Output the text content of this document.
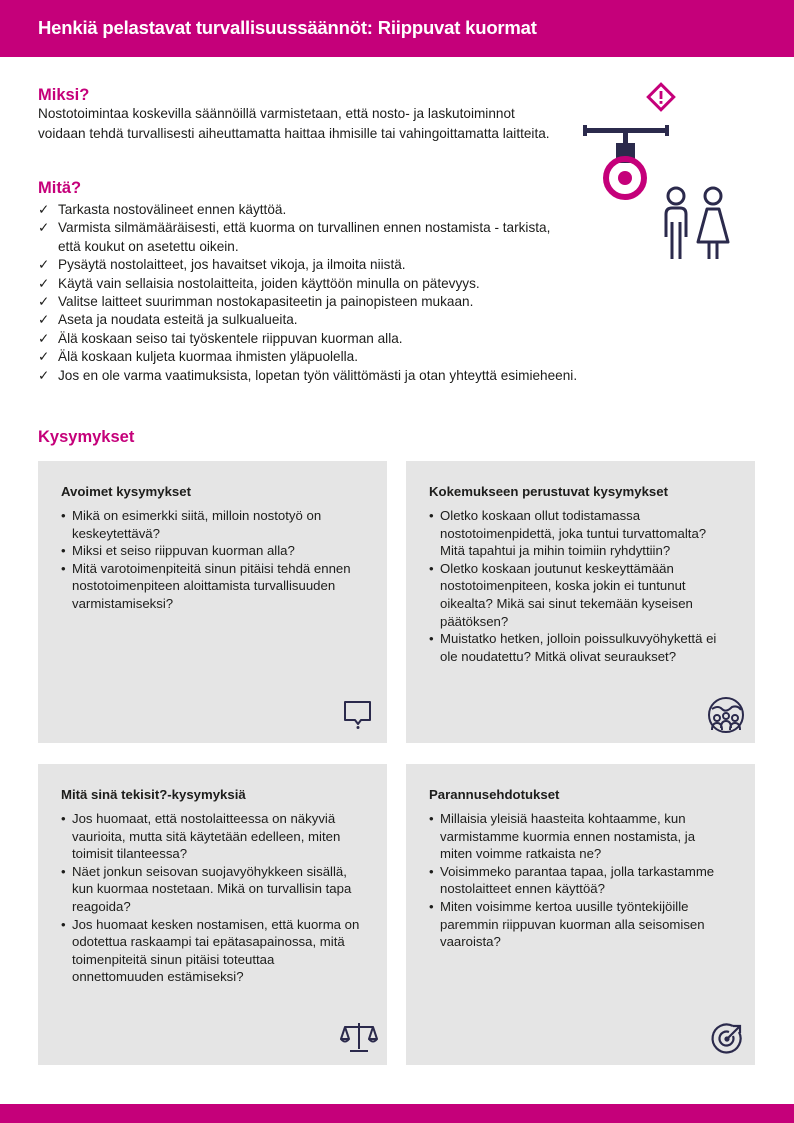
Henkiä pelastavat turvallisuussäännöt: Riippuvat kuormat
Miksi?
Nostotoimintaa koskevilla säännöillä varmistetaan, että nosto- ja laskutoiminnot voidaan tehdä turvallisesti aiheuttamatta haittaa ihmisille tai vahingoittamatta laitteita.
Mitä?
✓ Tarkasta nostovälineet ennen käyttöä.
✓ Varmista silmämääräisesti, että kuorma on turvallinen ennen nostamista - tarkista, että koukut on asetettu oikein.
✓ Pysäytä nostolaitteet, jos havaitset vikoja, ja ilmoita niistä.
✓ Käytä vain sellaisia nostolaitteita, joiden käyttöön minulla on pätevyys.
✓ Valitse laitteet suurimman nostokapasiteetin ja painopisteen mukaan.
✓ Aseta ja noudata esteitä ja sulkualueita.
✓ Älä koskaan seiso tai työskentele riippuvan kuorman alla.
✓ Älä koskaan kuljeta kuormaa ihmisten yläpuolella.
✓ Jos en ole varma vaatimuksista, lopetan työn välittömästi ja otan yhteyttä esimieheeni.
Kysymykset
Avoimet kysymykset
• Mikä on esimerkki siitä, milloin nostotyö on keskeytettävä?
• Miksi et seiso riippuvan kuorman alla?
• Mitä varotoimenpiteitä sinun pitäisi tehdä ennen nostotoimenpiteen aloittamista turvallisuuden varmistamiseksi?
Kokemukseen perustuvat kysymykset
• Oletko koskaan ollut todistamassa nostotoimenpidettä, joka tuntui turvattomalta? Mitä tapahtui ja mihin toimiin ryhdyttiin?
• Oletko koskaan joutunut keskeyttämään nostotoimenpiteen, koska jokin ei tuntunut oikealta? Mikä sai sinut tekemään kyseisen päätöksen?
• Muistatko hetken, jolloin poissulkuvyöhykettä ei ole noudatettu? Mitkä olivat seuraukset?
Mitä sinä tekisit?-kysymyksiä
• Jos huomaat, että nostolaitteessa on näkyviä vaurioita, mutta sitä käytetään edelleen, miten toimisit tilanteessa?
• Näet jonkun seisovan suojavyöhykkeen sisällä, kun kuormaa nostetaan. Mikä on turvallisin tapa reagoida?
• Jos huomaat kesken nostamisen, että kuorma on odotettua raskaampi tai epätasapainossa, mitä toimenpiteitä sinun pitäisi toteuttaa onnettomuuden estämiseksi?
Parannusehdotukset
• Millaisia yleisiä haasteita kohtaamme, kun varmistamme kuormia ennen nostamista, ja miten voimme ratkaista ne?
• Voisimmeko parantaa tapaa, jolla tarkastamme nostolaitteet ennen käyttöä?
• Miten voisimme kertoa uusille työntekijöille paremmin riippuvan kuorman alla seisomisen vaaroista?
